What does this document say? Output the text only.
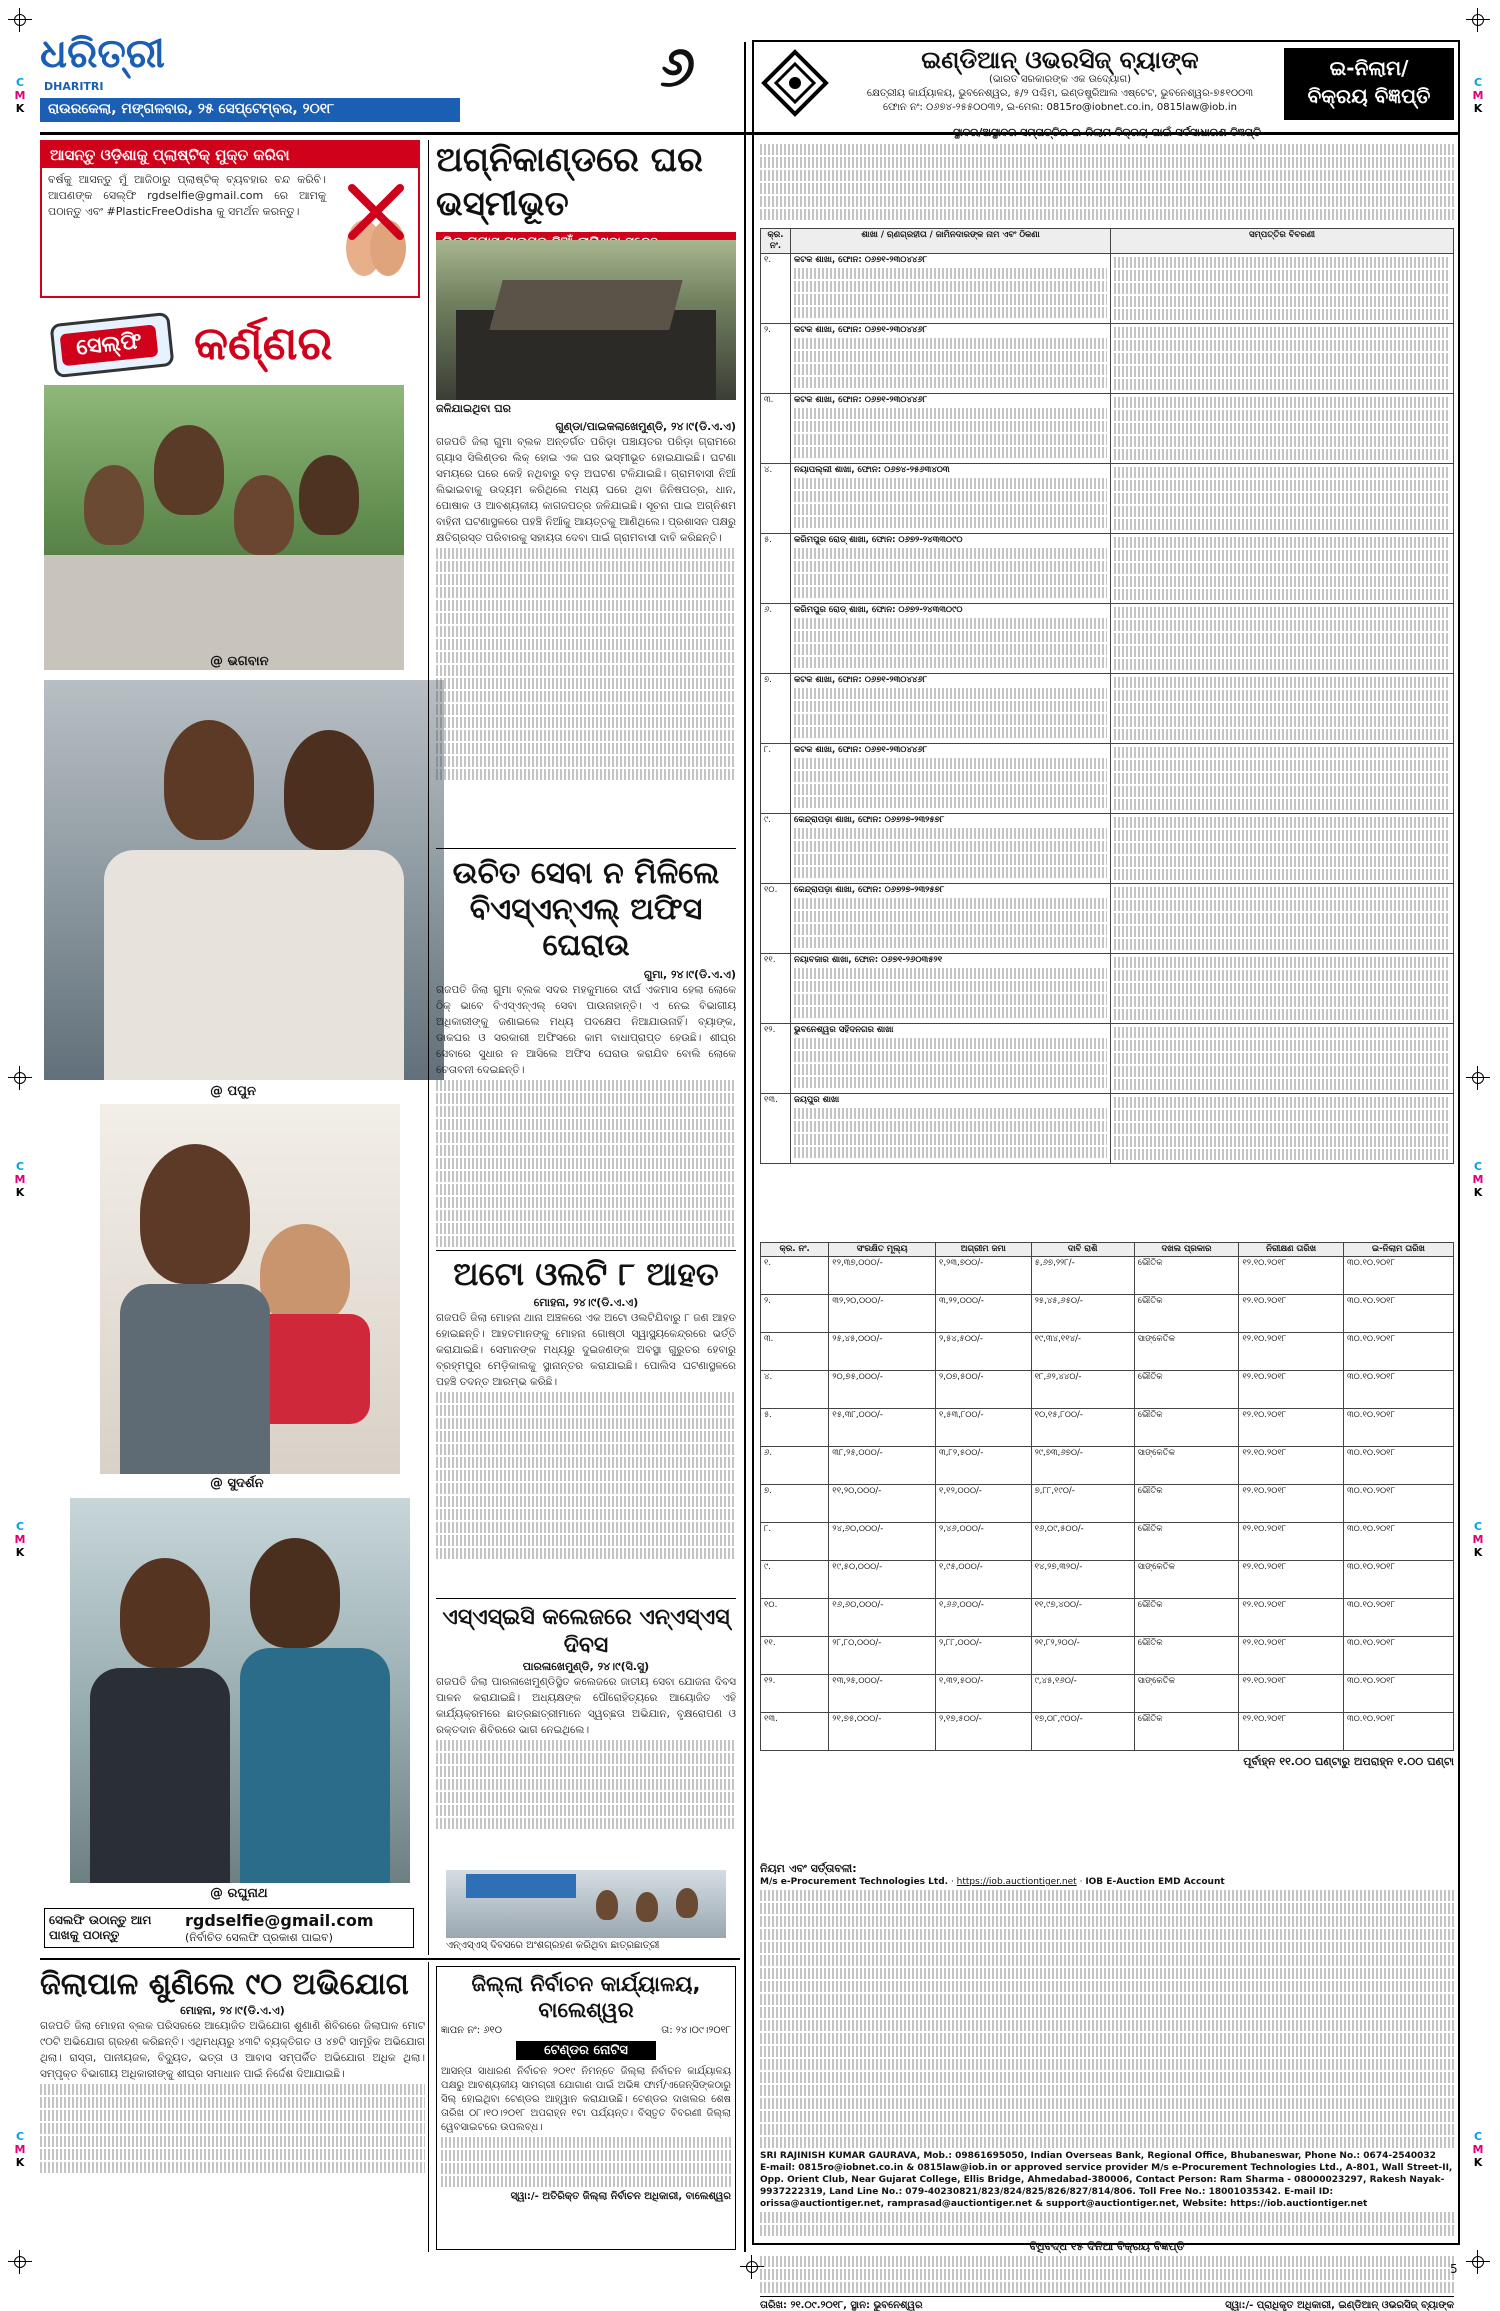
C
M
K
C
M
K
C
M
K
C
M
K
C
M
K
C
M
K
C
M
K
C
M
K
ଧରିତ୍ରୀ
DHARITRI
ରାଉରକେଲା, ମଙ୍ଗଳବାର, ୨୫ ସେପ୍ଟେମ୍ବର, ୨୦୧୮
୬
ଆସନ୍ତୁ ଓଡ଼ିଶାକୁ ପ୍ଲାଷ୍ଟିକ୍ ମୁକ୍ତ କରିବା
ବର୍ଷକୁ ଆସନ୍ତୁ ମୁଁ ଆଜିଠାରୁ ପ୍ଲାଷ୍ଟିକ୍ ବ୍ୟବହାର ବନ୍ଦ କରିବି। ଆପଣଙ୍କ ସେଲ୍ଫି rgdselfie@gmail.com ରେ ଆମକୁ ପଠାନ୍ତୁ ଏବଂ #PlasticFreeOdisha କୁ ସମର୍ଥନ କରନ୍ତୁ।
ସେଲ୍ଫି	କର୍ଣ୍ଣର
@ ଭଗବାନ
@ ପପୁନ
@ ସୁଦର୍ଶନ
@ ରଘୁନାଥ
ସେଲଫି ଉଠାନ୍ତୁ ଆମ ପାଖକୁ ପଠାନ୍ତୁ
rgdselfie@gmail.com
(ନିର୍ବାଚିତ ସେଲଫି ପ୍ରକାଶ ପାଇବ)
ଅଗ୍ନିକାଣ୍ଡରେ ଘର ଭସ୍ମୀଭୂତ
ଜଳିଯାଇଥିବା ଘର
ଗୁଣ୍ଡା/ପାଇକଲାଖେମୁଣ୍ଡି, ୨୪।୯(ଡି.ଏ.ଏ)
ଗଜପତି ଜିଲା ଗୁମା ବ୍ଲକ ଅନ୍ତର୍ଗତ ପରିଡ଼ା ପଞ୍ଚାୟତର ପରିଡ଼ା ଗ୍ରାମରେ ଗ୍ୟାସ ସିଲିଣ୍ଡର ଲିକ୍ ହୋଇ ଏକ ଘର ଭସ୍ମୀଭୂତ ହୋଇଯାଇଛି। ଘଟଣା ସମୟରେ ଘରେ କେହି ନଥିବାରୁ ବଡ଼ ଅଘଟଣ ଟଳିଯାଇଛି। ଗ୍ରାମବାସୀ ନିଆଁ ଲିଭାଇବାକୁ ଉଦ୍ୟମ କରିଥିଲେ ମଧ୍ୟ ଘରେ ଥିବା ଜିନିଷପତ୍ର, ଧାନ, ପୋଷାକ ଓ ଆବଶ୍ୟକୀୟ କାଗଜପତ୍ର ଜଳିଯାଇଛି। ସୂଚନା ପାଇ ଅଗ୍ନିଶମ ବାହିନୀ ଘଟଣାସ୍ଥଳରେ ପହଞ୍ଚି ନିଆଁକୁ ଆୟତ୍ତକୁ ଆଣିଥିଲେ। ପ୍ରଶାସନ ପକ୍ଷରୁ କ୍ଷତିଗ୍ରସ୍ତ ପରିବାରକୁ ସହାୟତା ଦେବା ପାଇଁ ଗ୍ରାମବାସୀ ଦାବି କରିଛନ୍ତି।
ଉଚିତ ସେବା ନ ମିଳିଲେ ବିଏସ୍ଏନ୍ଏଲ୍ ଅଫିସ ଘେରାଉ
ଗୁମା, ୨୪।୯(ଡି.ଏ.ଏ)
ଗଜପତି ଜିଲା ଗୁମା ବ୍ଲକ ସଦର ମହକୁମାରେ ଦୀର୍ଘ ଏକମାସ ହେଲା ଲୋକେ ଠିକ୍ ଭାବେ ବିଏସ୍ଏନ୍ଏଲ୍ ସେବା ପାଉନାହାନ୍ତି। ଏ ନେଇ ବିଭାଗୀୟ ଅଧିକାରୀଙ୍କୁ ଜଣାଇଲେ ମଧ୍ୟ ପଦକ୍ଷେପ ନିଆଯାଉନାହିଁ। ବ୍ୟାଙ୍କ, ଡାକଘର ଓ ସରକାରୀ ଅଫିସରେ କାମ ବାଧାପ୍ରାପ୍ତ ହେଉଛି। ଶୀଘ୍ର ସେବାରେ ସୁଧାର ନ ଆସିଲେ ଅଫିସ ଘେରାଉ କରାଯିବ ବୋଲି ଲୋକେ ଚେତାବନୀ ଦେଇଛନ୍ତି।
ଅଟୋ ଓଲଟି ୮ ଆହତ
ମୋହନା, ୨୪।୯(ଡି.ଏ.ଏ)
ଗଜପତି ଜିଲା ମୋହନା ଥାନା ଅଞ୍ଚଳରେ ଏକ ଅଟୋ ଓଲଟିଯିବାରୁ ୮ ଜଣ ଆହତ ହୋଇଛନ୍ତି। ଆହତମାନଙ୍କୁ ମୋହନା ଗୋଷ୍ଠୀ ସ୍ୱାସ୍ଥ୍ୟକେନ୍ଦ୍ରରେ ଭର୍ତ୍ତି କରାଯାଇଛି। ସେମାନଙ୍କ ମଧ୍ୟରୁ ଦୁଇଜଣଙ୍କ ଅବସ୍ଥା ଗୁରୁତର ହେବାରୁ ବ୍ରହ୍ମପୁର ମେଡ଼ିକାଲକୁ ସ୍ଥାନାନ୍ତର କରାଯାଇଛି। ପୋଲିସ ଘଟଣାସ୍ଥଳରେ ପହଞ୍ଚି ତଦନ୍ତ ଆରମ୍ଭ କରିଛି।
ଏସ୍ଏସ୍‌ଇସି କଲେଜରେ ଏନ୍ଏସ୍ଏସ୍ ଦିବସ
ପାରଳାଖେମୁଣ୍ଡି, ୨୪।୯(ସି.ସୁ)
ଗଜପତି ଜିଲା ପାରଳାଖେମୁଣ୍ଡିସ୍ଥିତ କଲେଜରେ ଜାତୀୟ ସେବା ଯୋଜନା ଦିବସ ପାଳନ କରାଯାଇଛି। ଅଧ୍ୟକ୍ଷଙ୍କ ପୌରୋହିତ୍ୟରେ ଆୟୋଜିତ ଏହି କାର୍ଯ୍ୟକ୍ରମରେ ଛାତ୍ରଛାତ୍ରୀମାନେ ସ୍ୱଚ୍ଛତା ଅଭିଯାନ, ବୃକ୍ଷରୋପଣ ଓ ରକ୍ତଦାନ ଶିବିରରେ ଭାଗ ନେଇଥିଲେ।
ଏନ୍ଏସ୍ଏସ୍ ଦିବସରେ ଅଂଶଗ୍ରହଣ କରିଥିବା ଛାତ୍ରଛାତ୍ରୀ
ଜିଲାପାଳ ଶୁଣିଲେ ୯୦ ଅଭିଯୋଗ
ମୋହନା, ୨୪।୯(ଡି.ଏ.ଏ)
ଗଜପତି ଜିଲା ମୋହନା ବ୍ଲକ ପରିସରରେ ଆୟୋଜିତ ଅଭିଯୋଗ ଶୁଣାଣି ଶିବିରରେ ଜିଲାପାଳ ମୋଟ ୯୦ଟି ଅଭିଯୋଗ ଗ୍ରହଣ କରିଛନ୍ତି। ଏଥିମଧ୍ୟରୁ ୪୩ଟି ବ୍ୟକ୍ତିଗତ ଓ ୪୭ଟି ସାମୂହିକ ଅଭିଯୋଗ ଥିଲା। ରାସ୍ତା, ପାନୀୟଜଳ, ବିଦ୍ୟୁତ, ଭତ୍ତା ଓ ଆବାସ ସମ୍ପର୍କିତ ଅଭିଯୋଗ ଅଧିକ ଥିଲା। ସମ୍ପୃକ୍ତ ବିଭାଗୀୟ ଅଧିକାରୀଙ୍କୁ ଶୀଘ୍ର ସମାଧାନ ପାଇଁ ନିର୍ଦ୍ଦେଶ ଦିଆଯାଇଛି।
ଜିଲ୍ଲା ନିର୍ବାଚନ କାର୍ଯ୍ୟାଳୟ, ବାଲେଶ୍ୱର
ଜ୍ଞାପନ ନଂ: ୬୧୦	ତା: ୨୪।୦୯।୨୦୧୮
ଟେଣ୍ଡର ନୋଟିସ
ଆସନ୍ତା ସାଧାରଣ ନିର୍ବାଚନ ୨୦୧୯ ନିମନ୍ତେ ଜିଲ୍ଲା ନିର୍ବାଚନ କାର୍ଯ୍ୟାଳୟ ପକ୍ଷରୁ ଆବଶ୍ୟକୀୟ ସାମଗ୍ରୀ ଯୋଗାଣ ପାଇଁ ଅଭିଜ୍ଞ ଫାର୍ମ/ଏଜେନ୍ସିଙ୍କଠାରୁ ସିଲ୍‌ ହୋଇଥିବା ଟେଣ୍ଡର ଆହ୍ୱାନ କରାଯାଉଛି। ଟେଣ୍ଡର ଦାଖଲର ଶେଷ ତାରିଖ ୦୮।୧୦।୨୦୧୮ ଅପରାହ୍ନ ୧ଟା ପର୍ଯ୍ୟନ୍ତ। ବିସ୍ତୃତ ବିବରଣୀ ଜିଲ୍ଲା ୱେବସାଇଟରେ ଉପଲବ୍ଧ।
ସ୍ୱା:/- ଅତିରିକ୍ତ ଜିଲ୍ଲା ନିର୍ବାଚନ ଅଧିକାରୀ, ବାଲେଶ୍ୱର
ଇଣ୍ଡିଆନ୍ ଓଭରସିଜ୍ ବ୍ୟାଙ୍କ
(ଭାରତ ସରକାରଙ୍କ ଏକ ଉଦ୍ୟୋଗ)
କ୍ଷେତ୍ରୀୟ କାର୍ଯ୍ୟାଳୟ, ଭୁବନେଶ୍ୱର, ୫/୨ ପଶ୍ଚିମ, ଇଣ୍ଡଷ୍ଟ୍ରିଆଲ ଏଷ୍ଟେଟ, ଭୁବନେଶ୍ୱର-୭୫୧୦୦୩
ଫୋନ ନଂ: ୦୬୭୪-୨୫୫୦୦୩୨, ଇ-ମେଲ: 0815ro@iobnet.co.in, 0815law@iob.in
ଇ-ନିଲାମ/
ବିକ୍ରୟ ବିଜ୍ଞପ୍ତି
ସ୍ଥାବର/ଅସ୍ଥାବର ସମ୍ପତ୍ତିର ଇ-ନିଲାମ ବିକ୍ରୟ ପାଇଁ ସର୍ବସାଧାରଣ ବିଜ୍ଞପ୍ତି
କ୍ର. ନଂ.	ଶାଖା / ଋଣଗ୍ରହୀତା / ଜାମିନଦାରଙ୍କ ନାମ ଏବଂ ଠିକଣା	ସମ୍ପତ୍ତିର ବିବରଣୀ
୧.	କଟକ ଶାଖା, ଫୋନ: ୦୬୭୧-୨୩୦୪୪୬୮	

୨.	କଟକ ଶାଖା, ଫୋନ: ୦୬୭୧-୨୩୦୪୪୬୮	

୩.	କଟକ ଶାଖା, ଫୋନ: ୦୬୭୧-୨୩୦୪୪୬୮	

୪.	ନୟାପଲ୍ଲୀ ଶାଖା, ଫୋନ: ୦୬୭୪-୨୫୬୩୪୦୩	

୫.	କରିମପୁର ରୋଡ୍ ଶାଖା, ଫୋନ: ୦୬୭୨-୨୪୩୩୦୯୦	

୬.	କରିମପୁର ରୋଡ୍ ଶାଖା, ଫୋନ: ୦୬୭୨-୨୪୩୩୦୯୦	

୭.	କଟକ ଶାଖା, ଫୋନ: ୦୬୭୧-୨୩୦୪୪୬୮	

୮.	କଟକ ଶାଖା, ଫୋନ: ୦୬୭୧-୨୩୦୪୪୬୮	

୯.	କେନ୍ଦ୍ରାପଡ଼ା ଶାଖା, ଫୋନ: ୦୬୭୨୭-୨୩୨୫୭୮	

୧୦.	କେନ୍ଦ୍ରାପଡ଼ା ଶାଖା, ଫୋନ: ୦୬୭୨୭-୨୩୨୫୭୮	

୧୧.	ନୟାବଜାର ଶାଖା, ଫୋନ: ୦୬୭୧-୨୬୦୩୫୨୧	

୧୨.	ଭୁବନେଶ୍ୱର ସହିଦନଗର ଶାଖା	

୧୩.	ଜୟପୁର ଶାଖା	

କ୍ର. ନଂ.	ସଂରକ୍ଷିତ ମୂଲ୍ୟ	ଅଗ୍ରୀମ ଜମା	ଦାବି ରାଶି	ଦଖଲ ପ୍ରକାର	ନିରୀକ୍ଷଣ ତାରିଖ	ଇ-ନିଲାମ ତାରିଖ
୧.	୧୨,୩୭,୦୦୦/-	୧,୨୩,୭୦୦/-	୫,୬୭,୨୨୮/-	ଭୌତିକ	୧୨.୧୦.୨୦୧୮	୩୦.୧୦.୨୦୧୮
୨.	୩୨,୨୦,୦୦୦/-	୩,୨୨,୦୦୦/-	୨୫,୪୫,୬୫୦/-	ଭୌତିକ	୧୨.୧୦.୨୦୧୮	୩୦.୧୦.୨୦୧୮
୩.	୨୫,୪୫,୦୦୦/-	୨,୫୪,୫୦୦/-	୧୯,୩୪,୧୧୪/-	ସାଙ୍କେତିକ	୧୨.୧୦.୨୦୧୮	୩୦.୧୦.୨୦୧୮
୪.	୨୦,୭୫,୦୦୦/-	୨,୦୭,୫୦୦/-	୧୮,୬୨,୪୪୦/-	ଭୌତିକ	୧୨.୧୦.୨୦୧୮	୩୦.୧୦.୨୦୧୮
୫.	୧୫,୩୮,୦୦୦/-	୧,୫୩,୮୦୦/-	୧୦,୧୫,୮୦୦/-	ଭୌତିକ	୧୨.୧୦.୨୦୧୮	୩୦.୧୦.୨୦୧୮
୬.	୩୮,୨୫,୦୦୦/-	୩,୮୨,୫୦୦/-	୨୯,୭୩,୬୭୦/-	ସାଙ୍କେତିକ	୧୨.୧୦.୨୦୧୮	୩୦.୧୦.୨୦୧୮
୭.	୧୧,୨୦,୦୦୦/-	୧,୧୨,୦୦୦/-	୭,୮୮,୧୯୦/-	ଭୌତିକ	୧୨.୧୦.୨୦୧୮	୩୦.୧୦.୨୦୧୮
୮.	୨୪,୬୦,୦୦୦/-	୨,୪୬,୦୦୦/-	୧୬,୦୯,୫୦୦/-	ଭୌତିକ	୧୨.୧୦.୨୦୧୮	୩୦.୧୦.୨୦୧୮
୯.	୧୯,୫୦,୦୦୦/-	୧,୯୫,୦୦୦/-	୧୪,୨୭,୩୨୦/-	ସାଙ୍କେତିକ	୧୨.୧୦.୨୦୧୮	୩୦.୧୦.୨୦୧୮
୧୦.	୧୬,୬୦,୦୦୦/-	୧,୬୬,୦୦୦/-	୧୧,୯୭,୪୦୦/-	ଭୌତିକ	୧୨.୧୦.୨୦୧୮	୩୦.୧୦.୨୦୧୮
୧୧.	୨୮,୮୦,୦୦୦/-	୨,୮୮,୦୦୦/-	୨୧,୮୨,୨୦୦/-	ଭୌତିକ	୧୨.୧୦.୨୦୧୮	୩୦.୧୦.୨୦୧୮
୧୨.	୧୩,୨୫,୦୦୦/-	୧,୩୨,୫୦୦/-	୯,୪୫,୧୬୦/-	ସାଙ୍କେତିକ	୧୨.୧୦.୨୦୧୮	୩୦.୧୦.୨୦୧୮
୧୩.	୨୧,୭୫,୦୦୦/-	୨,୧୭,୫୦୦/-	୧୭,୦୮,୯୦୦/-	ଭୌତିକ	୧୨.୧୦.୨୦୧୮	୩୦.୧୦.୨୦୧୮
ପୂର୍ବାହ୍ନ ୧୧.୦୦ ଘଣ୍ଟାରୁ ଅପରାହ୍ନ ୧.୦୦ ଘଣ୍ଟା
ନିୟମ ଏବଂ ସର୍ତ୍ତାବଳୀ:
M/s e-Procurement Technologies Ltd. · https://iob.auctiontiger.net · IOB E-Auction EMD Account
SRI RAJINISH KUMAR GAURAVA, Mob.: 09861695050, Indian Overseas Bank, Regional Office, Bhubaneswar, Phone No.: 0674-2540032
E-mail: 0815ro@iobnet.co.in & 0815law@iob.in or approved service provider M/s e-Procurement Technologies Ltd., A-801, Wall Street-II, Opp. Orient Club, Near Gujarat College, Ellis Bridge, Ahmedabad-380006, Contact Person: Ram Sharma - 08000023297, Rakesh Nayak- 9937222319, Land Line No.: 079-40230821/823/824/825/826/827/814/806. Toll Free No.: 18001035342. E-mail ID: orissa@auctiontiger.net, ramprasad@auctiontiger.net & support@auctiontiger.net, Website: https://iob.auctiontiger.net
ବିଧିବଦ୍ଧ ୧୫ ଦିନିଆ ବିକ୍ରୟ ବିଜ୍ଞପ୍ତି
ତାରିଖ: ୨୧.୦୯.୨୦୧୮, ସ୍ଥାନ: ଭୁବନେଶ୍ୱର	ସ୍ୱା:/- ପ୍ରାଧିକୃତ ଅଧିକାରୀ, ଇଣ୍ଡିଆନ୍ ଓଭରସିଜ୍ ବ୍ୟାଙ୍କ
5
